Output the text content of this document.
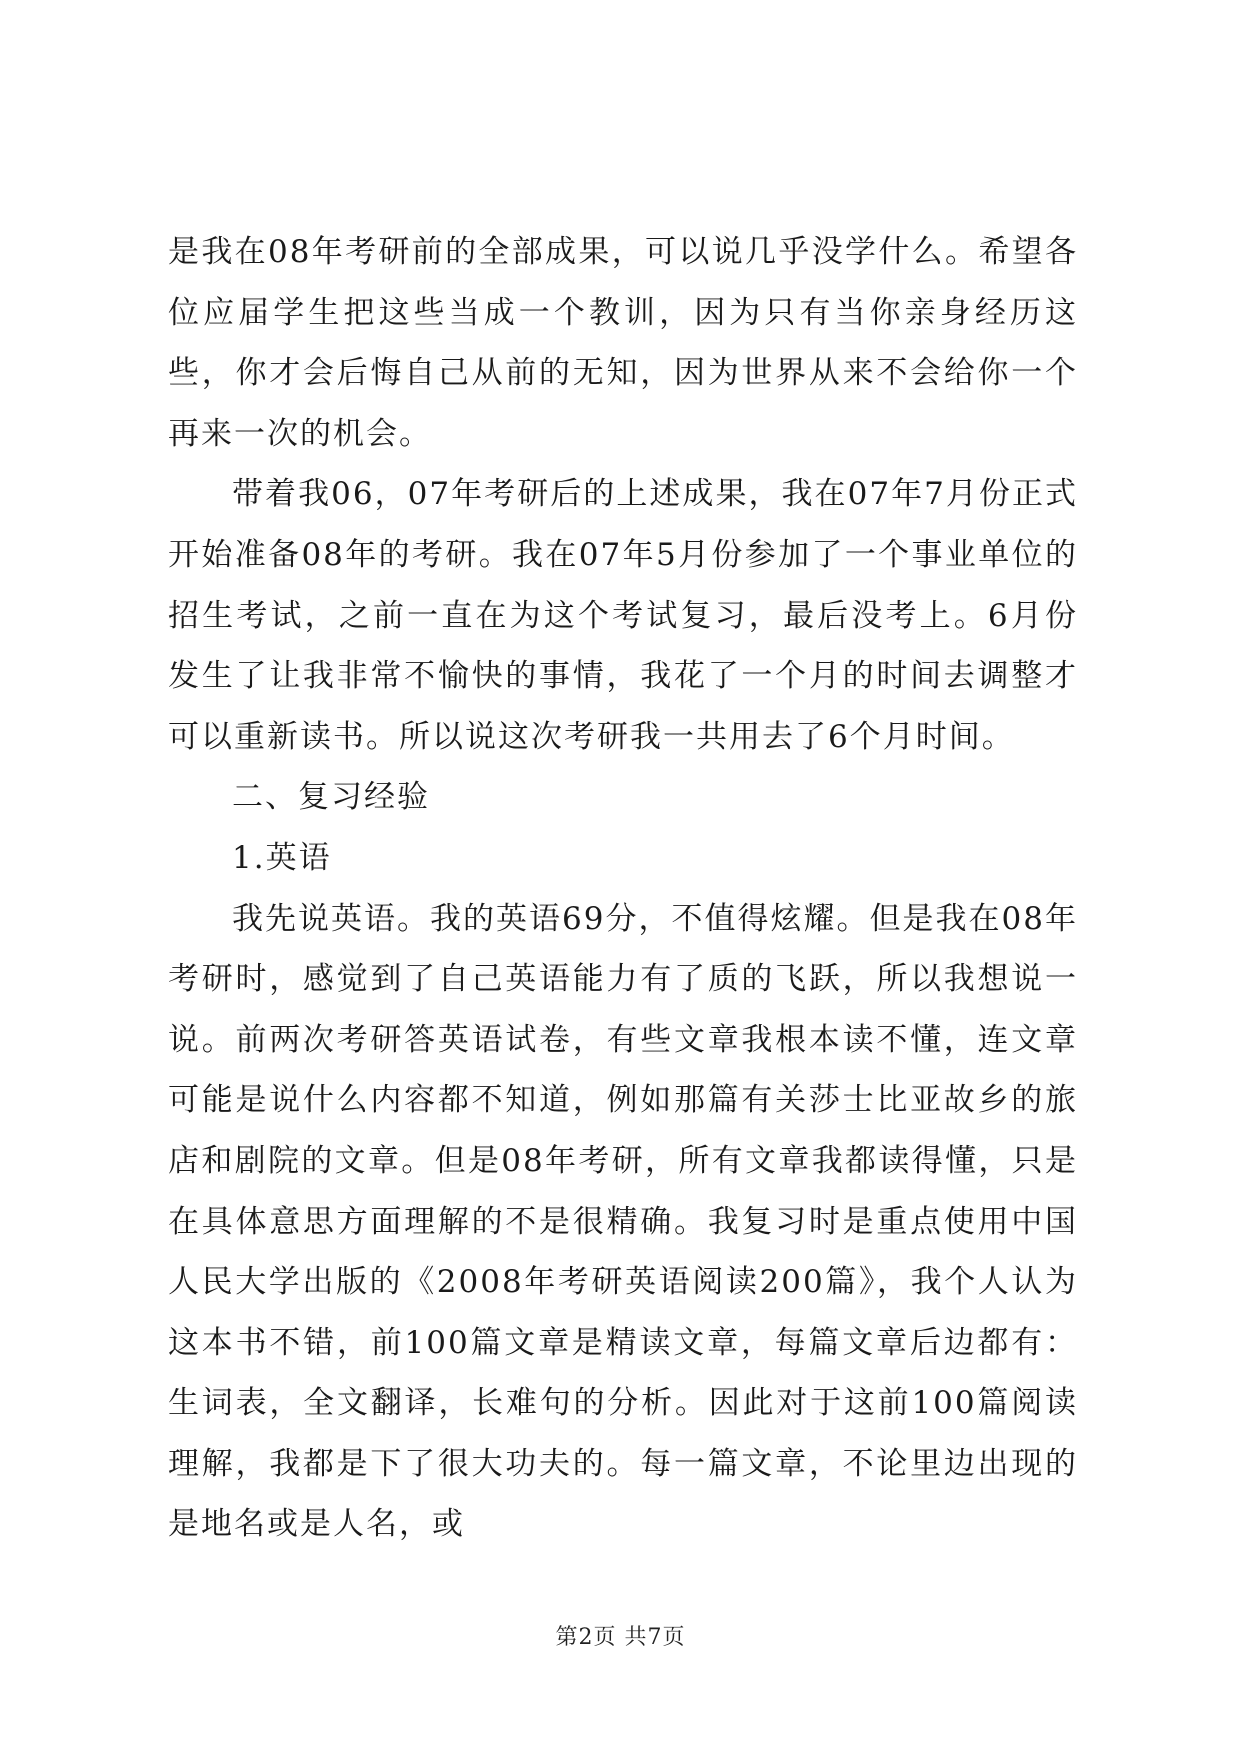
是我在08年考研前的全部成果，可以说几乎没学什么。希望各位应届学生把这些当成一个教训，因为只有当你亲身经历这些，你才会后悔自己从前的无知，因为世界从来不会给你一个再来一次的机会。

带着我06，07年考研后的上述成果，我在07年7月份正式开始准备08年的考研。我在07年5月份参加了一个事业单位的招生考试，之前一直在为这个考试复习，最后没考上。6月份发生了让我非常不愉快的事情，我花了一个月的时间去调整才可以重新读书。所以说这次考研我一共用去了6个月时间。

二、复习经验

1.英语

我先说英语。我的英语69分，不值得炫耀。但是我在08年考研时，感觉到了自己英语能力有了质的飞跃，所以我想说一说。前两次考研答英语试卷，有些文章我根本读不懂，连文章可能是说什么内容都不知道，例如那篇有关莎士比亚故乡的旅店和剧院的文章。但是08年考研，所有文章我都读得懂，只是在具体意思方面理解的不是很精确。我复习时是重点使用中国人民大学出版的《2008年考研英语阅读200篇》，我个人认为这本书不错，前100篇文章是精读文章，每篇文章后边都有：生词表，全文翻译，长难句的分析。因此对于这前100篇阅读理解，我都是下了很大功夫的。每一篇文章，不论里边出现的是地名或是人名，或

第2页 共7页
